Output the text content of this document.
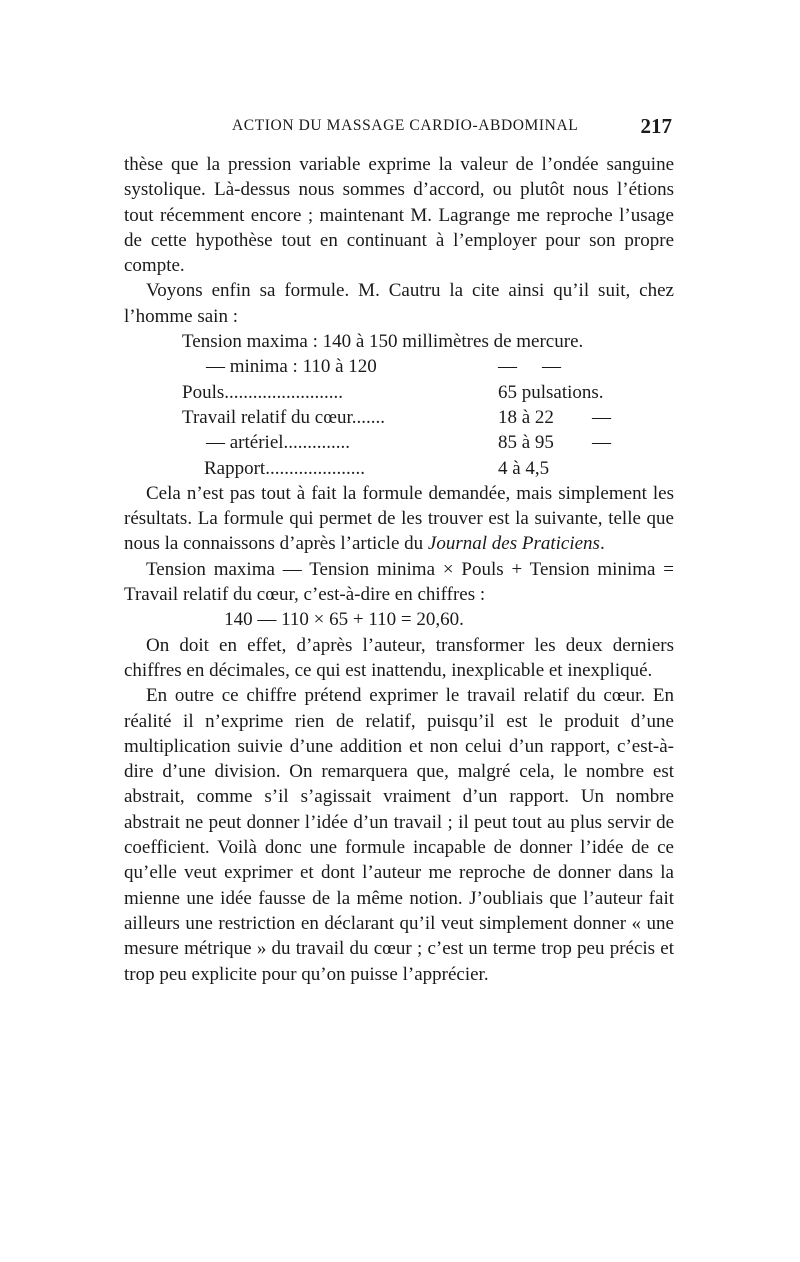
ACTION DU MASSAGE CARDIO-ABDOMINAL	217

thèse que la pression variable exprime la valeur de l’ondée sanguine systolique. Là-dessus nous sommes d’accord, ou plutôt nous l’étions tout récemment encore ; maintenant M. Lagrange me reproche l’usage de cette hypothèse tout en continuant à l’employer pour son propre compte.

Voyons enfin sa formule. M. Cautru la cite ainsi qu’il suit, chez l’homme sain :

Tension maxima : 140 à 150 millimètres de mercure.
— minima : 110 à 120	—	—
Pouls.........................	65 pulsations.
Travail relatif du cœur.......	18 à 22	—
— artériel..............	85 à 95	—
Rapport.....................	4 à 4,5

Cela n’est pas tout à fait la formule demandée, mais simplement les résultats. La formule qui permet de les trouver est la suivante, telle que nous la connaissons d’après l’article du Journal des Praticiens.

Tension maxima — Tension minima × Pouls + Tension minima = Travail relatif du cœur, c’est-à-dire en chiffres :

140 — 110 × 65 + 110 = 20,60.

On doit en effet, d’après l’auteur, transformer les deux derniers chiffres en décimales, ce qui est inattendu, inexplicable et inexpliqué.

En outre ce chiffre prétend exprimer le travail relatif du cœur. En réalité il n’exprime rien de relatif, puisqu’il est le produit d’une multiplication suivie d’une addition et non celui d’un rapport, c’est-à-dire d’une division. On remarquera que, malgré cela, le nombre est abstrait, comme s’il s’agissait vraiment d’un rapport. Un nombre abstrait ne peut donner l’idée d’un travail ; il peut tout au plus servir de coefficient. Voilà donc une formule incapable de donner l’idée de ce qu’elle veut exprimer et dont l’auteur me reproche de donner dans la mienne une idée fausse de la même notion. J’oubliais que l’auteur fait ailleurs une restriction en déclarant qu’il veut simplement donner « une mesure métrique » du travail du cœur ; c’est un terme trop peu précis et trop peu explicite pour qu’on puisse l’apprécier.
